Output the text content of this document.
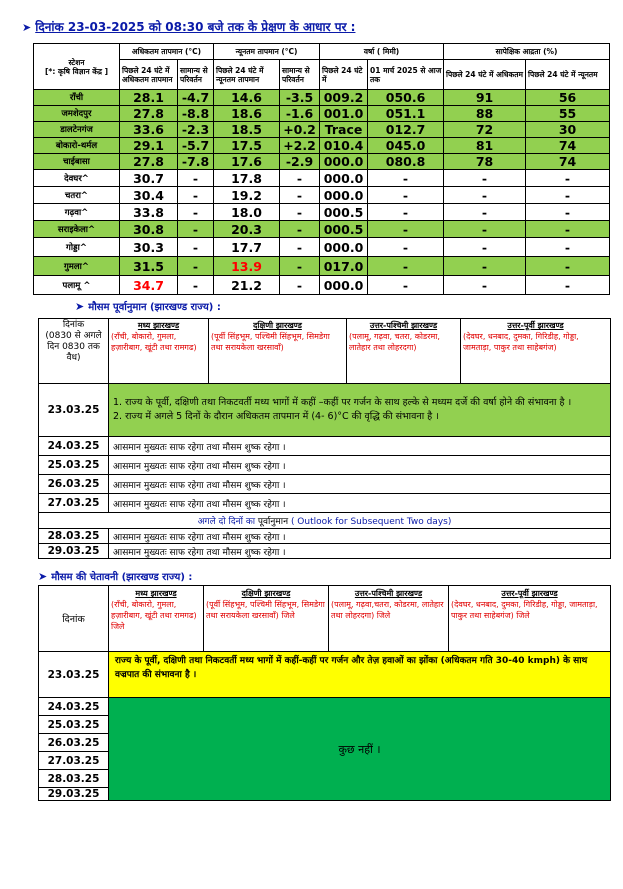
➤ दिनांक 23-03-2025 को 08:30 बजे तक के प्रेक्षण के आधार पर :
स्टेशन
[*: कृषि विज्ञान केंद्र ]	अधिकतम तापमान (°C)		न्यूनतम तापमान (°C)		वर्षा ( मिमी)		सापेक्षिक आद्रता (%)	
	पिछले 24 घंटे में अधिकतम तापमान	सामान्य से परिवर्तन	पिछले 24 घंटे में न्यूनतम तापमान	सामान्य से परिवर्तन	पिछले 24 घंटे में	01 मार्च 2025 से आज तक	पिछले 24 घंटे में अधिकतम	पिछले 24 घंटे में न्यूनतम
रॉंची	28.1	-4.7	14.6	-3.5	009.2	050.6	91	56
जमशेदपुर	27.8	-8.8	18.6	-1.6	001.0	051.1	88	55
डालटेनगंज	33.6	-2.3	18.5	+0.2	Trace	012.7	72	30
बोकारो-थर्मल	29.1	-5.7	17.5	+2.2	010.4	045.0	81	74
चाईबासा	27.8	-7.8	17.6	-2.9	000.0	080.8	78	74
देवघर^	30.7	-	17.8	-	000.0	-	-	-
चतरा^	30.4	-	19.2	-	000.0	-	-	-
गढ़वा^	33.8	-	18.0	-	000.5	-	-	-
सराइकेला^	30.8	-	20.3	-	000.5	-	-	-
गोड्डा^	30.3	-	17.7	-	000.0	-	-	-
गुमला^	31.5	-	13.9	-	017.0	-	-	-
पलामू ^	34.7	-	21.2	-	000.0	-	-	-
➤ मौसम पूर्वानुमान (झारखण्ड राज्य) :
दिनांक
(0830 से अगले दिन 0830 तक वैध)	मध्य झारखण्ड
(रॉंची, बोकारो, गुमला, हज़ारीबाग, खूंटी तथा रामगढ)	दक्षिणी झारखण्ड
(पूर्वी सिंहभूम, पश्चिमी सिंहभूम, सिमडेगा तथा सरायकेला खरसावाँ)	उत्तर-पश्चिमी झारखण्ड
(पलामू, गढ़वा, चतरा, कोडरमा, लातेहार तथा लोहरदगा)	उत्तर-पूर्वी झारखण्ड
(देवघर, धनबाद, दुमका, गिरिडीह, गोड्डा, जामताड़ा, पाकुर तथा साहेबगंज)
23.03.25	1. राज्य के पूर्वी, दक्षिणी तथा निकटवर्ती मध्य भागों में कहीं –कहीं पर गर्जन के साथ हल्के से मध्यम दर्जे की वर्षा होने की संभावना है ।
2. राज्य में अगले 5 दिनों के दौरान अधिकतम तापमान में (4- 6)°C की वृद्धि की संभावना है ।			

24.03.25	आसमान मुख्यतः साफ रहेगा तथा मौसम शुष्क रहेगा ।			
25.03.25	आसमान मुख्यतः साफ रहेगा तथा मौसम शुष्क रहेगा ।			
26.03.25	आसमान मुख्यतः साफ रहेगा तथा मौसम शुष्क रहेगा ।			
27.03.25	आसमान मुख्यतः साफ रहेगा तथा मौसम शुष्क रहेगा ।			
अगले दो दिनों का पूर्वानुमान ( Outlook for Subsequent Two days)				
28.03.25	आसमान मुख्यतः साफ रहेगा तथा मौसम शुष्क रहेगा ।			
29.03.25	आसमान मुख्यतः साफ रहेगा तथा मौसम शुष्क रहेगा ।			
➤ मौसम की चेतावनी (झारखण्ड राज्य) :
दिनांक	मध्य झारखण्ड
(रॉंची, बोकारो, गुमला, हज़ारीबाग, खूंटी तथा रामगढ) जिले	दक्षिणी झारखण्ड
(पूर्वी सिंहभूम, पश्चिमी सिंहभूम, सिमडेगा तथा सरायकेला खरसावाँ) जिले	उत्तर-पश्चिमी झारखण्ड
(पलामू, गढ़वा,चतरा, कोडरमा, लातेहार तथा लोहरदगा) जिले	उत्तर-पूर्वी झारखण्ड
(देवघर, धनबाद, दुमका, गिरिडीह, गोड्डा, जामताड़ा, पाकुर तथा साहेबगंज) जिले
23.03.25	राज्य के पूर्वी, दक्षिणी तथा निकटवर्ती मध्य भागों में कहीं-कहीं पर गर्जन और तेज़ हवाओं का झोंका (अधिकतम गति 30-40 kmph) के साथ वज्रपात की संभावना है ।			
24.03.25	कुछ नहीं ।			
25.03.25				
26.03.25				
27.03.25				
28.03.25				
29.03.25				
